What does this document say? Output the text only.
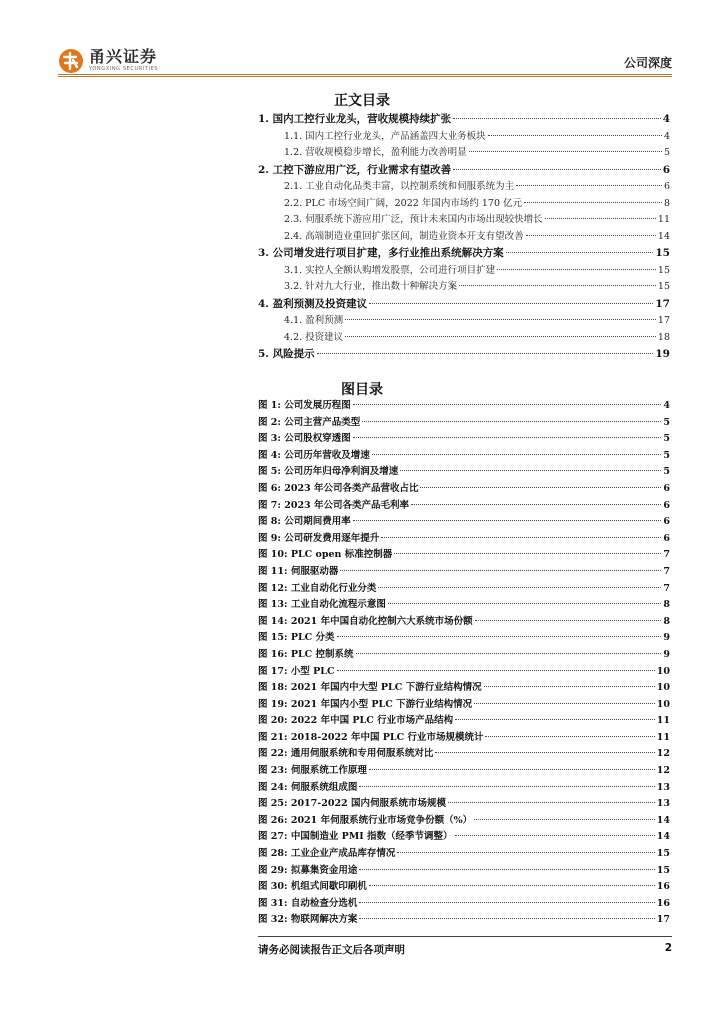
甬兴证券
YONGXING SECURITIES	公司深度
正文目录
1. 国内工控行业龙头，营收规模持续扩张	4
1.1. 国内工控行业龙头，产品涵盖四大业务板块	4
1.2. 营收规模稳步增长，盈利能力改善明显	5
2. 工控下游应用广泛，行业需求有望改善	6
2.1. 工业自动化品类丰富，以控制系统和伺服系统为主	6
2.2. PLC 市场空间广阔，2022 年国内市场约 170 亿元	8
2.3. 伺服系统下游应用广泛，预计未来国内市场出现较快增长	11
2.4. 高端制造业重回扩张区间，制造业资本开支有望改善	14
3. 公司增发进行项目扩建，多行业推出系统解决方案	15
3.1. 实控人全额认购增发股票，公司进行项目扩建	15
3.2. 针对九大行业，推出数十种解决方案	15
4. 盈利预测及投资建议	17
4.1. 盈利预测	17
4.2. 投资建议	18
5. 风险提示	19
图目录
图 1: 公司发展历程图	4
图 2: 公司主营产品类型	5
图 3: 公司股权穿透图	5
图 4: 公司历年营收及增速	5
图 5: 公司历年归母净利润及增速	5
图 6: 2023 年公司各类产品营收占比	6
图 7: 2023 年公司各类产品毛利率	6
图 8: 公司期间费用率	6
图 9: 公司研发费用逐年提升	6
图 10: PLC open 标准控制器	7
图 11: 伺服驱动器	7
图 12: 工业自动化行业分类	7
图 13: 工业自动化流程示意图	8
图 14: 2021 年中国自动化控制六大系统市场份额	8
图 15: PLC 分类	9
图 16: PLC 控制系统	9
图 17: 小型 PLC	10
图 18: 2021 年国内中大型 PLC 下游行业结构情况	10
图 19: 2021 年国内小型 PLC 下游行业结构情况	10
图 20: 2022 年中国 PLC 行业市场产品结构	11
图 21: 2018-2022 年中国 PLC 行业市场规模统计	11
图 22: 通用伺服系统和专用伺服系统对比	12
图 23: 伺服系统工作原理	12
图 24: 伺服系统组成图	13
图 25: 2017-2022 国内伺服系统市场规模	13
图 26: 2021 年伺服系统行业市场竞争份额（%）	14
图 27: 中国制造业 PMI 指数（经季节调整）	14
图 28: 工业企业产成品库存情况	15
图 29: 拟募集资金用途	15
图 30: 机组式间歇印刷机	16
图 31: 自动检查分选机	16
图 32: 物联网解决方案	17
请务必阅读报告正文后各项声明	2
